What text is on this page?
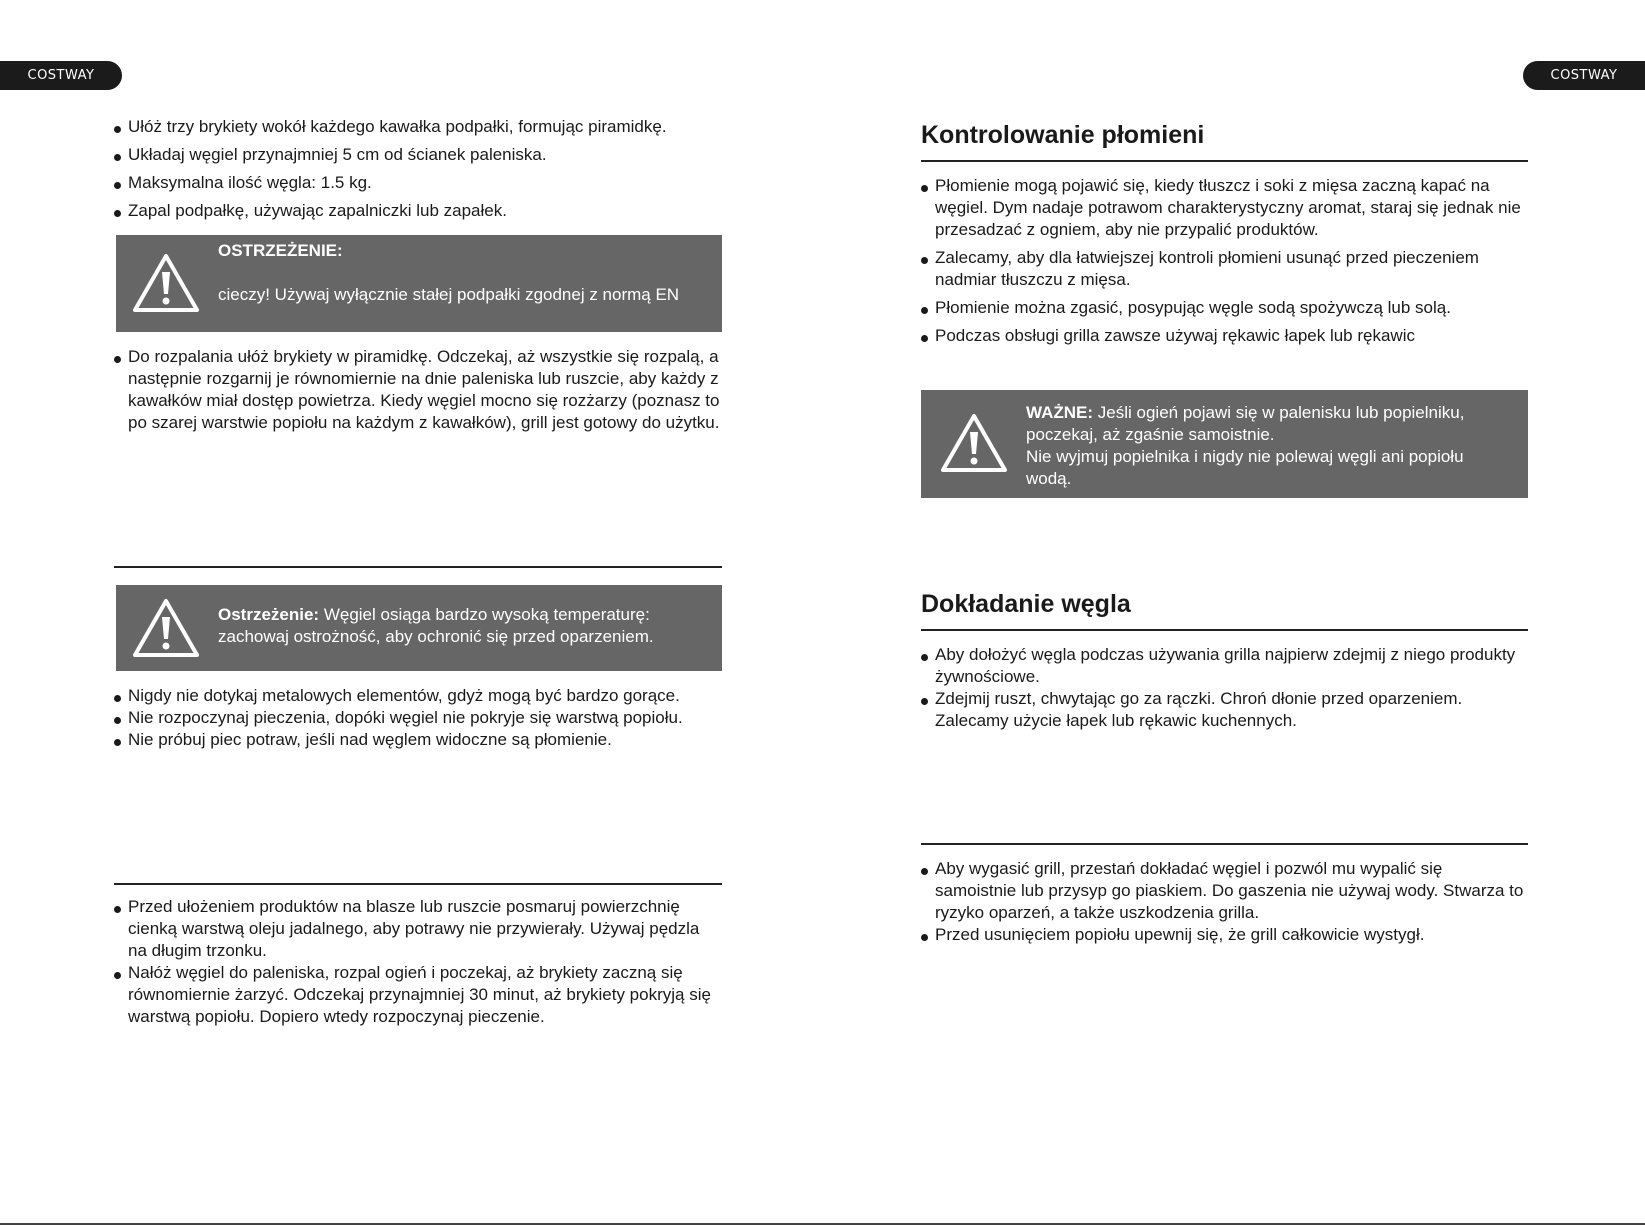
COSTWAY	COSTWAY
Ułóż trzy brykiety wokół każdego kawałka podpałki, formując piramidkę.
Układaj węgiel przynajmniej 5 cm od ścianek paleniska.
Maksymalna ilość węgla: 1.5 kg.
Zapal podpałkę, używając zapalniczki lub zapałek.
OSTRZEŻENIE:
cieczy! Używaj wyłącznie stałej podpałki zgodnej z normą EN
Do rozpalania ułóż brykiety w piramidkę. Odczekaj, aż wszystkie się rozpalą, a następnie rozgarnij je równomiernie na dnie paleniska lub ruszcie, aby każdy z kawałków miał dostęp powietrza. Kiedy węgiel mocno się rozżarzy (poznasz to po szarej warstwie popiołu na każdym z kawałków), grill jest gotowy do użytku.
Ostrzeżenie: Węgiel osiąga bardzo wysoką temperaturę:
zachowaj ostrożność, aby ochronić się przed oparzeniem.
Nigdy nie dotykaj metalowych elementów, gdyż mogą być bardzo gorące.
Nie rozpoczynaj pieczenia, dopóki węgiel nie pokryje się warstwą popiołu.
Nie próbuj piec potraw, jeśli nad węglem widoczne są płomienie.
Przed ułożeniem produktów na blasze lub ruszcie posmaruj powierzchnię cienką warstwą oleju jadalnego, aby potrawy nie przywierały. Używaj pędzla na długim trzonku.
Nałóż węgiel do paleniska, rozpal ogień i poczekaj, aż brykiety zaczną się równomiernie żarzyć. Odczekaj przynajmniej 30 minut, aż brykiety pokryją się warstwą popiołu. Dopiero wtedy rozpoczynaj pieczenie.
Kontrolowanie płomieni
Płomienie mogą pojawić się, kiedy tłuszcz i soki z mięsa zaczną kapać na węgiel. Dym nadaje potrawom charakterystyczny aromat, staraj się jednak nie przesadzać z ogniem, aby nie przypalić produktów.
Zalecamy, aby dla łatwiejszej kontroli płomieni usunąć przed pieczeniem nadmiar tłuszczu z mięsa.
Płomienie można zgasić, posypując węgle sodą spożywczą lub solą.
Podczas obsługi grilla zawsze używaj rękawic łapek lub rękawic
WAŻNE: Jeśli ogień pojawi się w palenisku lub popielniku,
poczekaj, aż zgaśnie samoistnie.
Nie wyjmuj popielnika i nigdy nie polewaj węgli ani popiołu
wodą.
Dokładanie węgla
Aby dołożyć węgla podczas używania grilla najpierw zdejmij z niego produkty żywnościowe.
Zdejmij ruszt, chwytając go za rączki. Chroń dłonie przed oparzeniem. Zalecamy użycie łapek lub rękawic kuchennych.
Aby wygasić grill, przestań dokładać węgiel i pozwól mu wypalić się samoistnie lub przysyp go piaskiem. Do gaszenia nie używaj wody. Stwarza to ryzyko oparzeń, a także uszkodzenia grilla.
Przed usunięciem popiołu upewnij się, że grill całkowicie wystygł.
